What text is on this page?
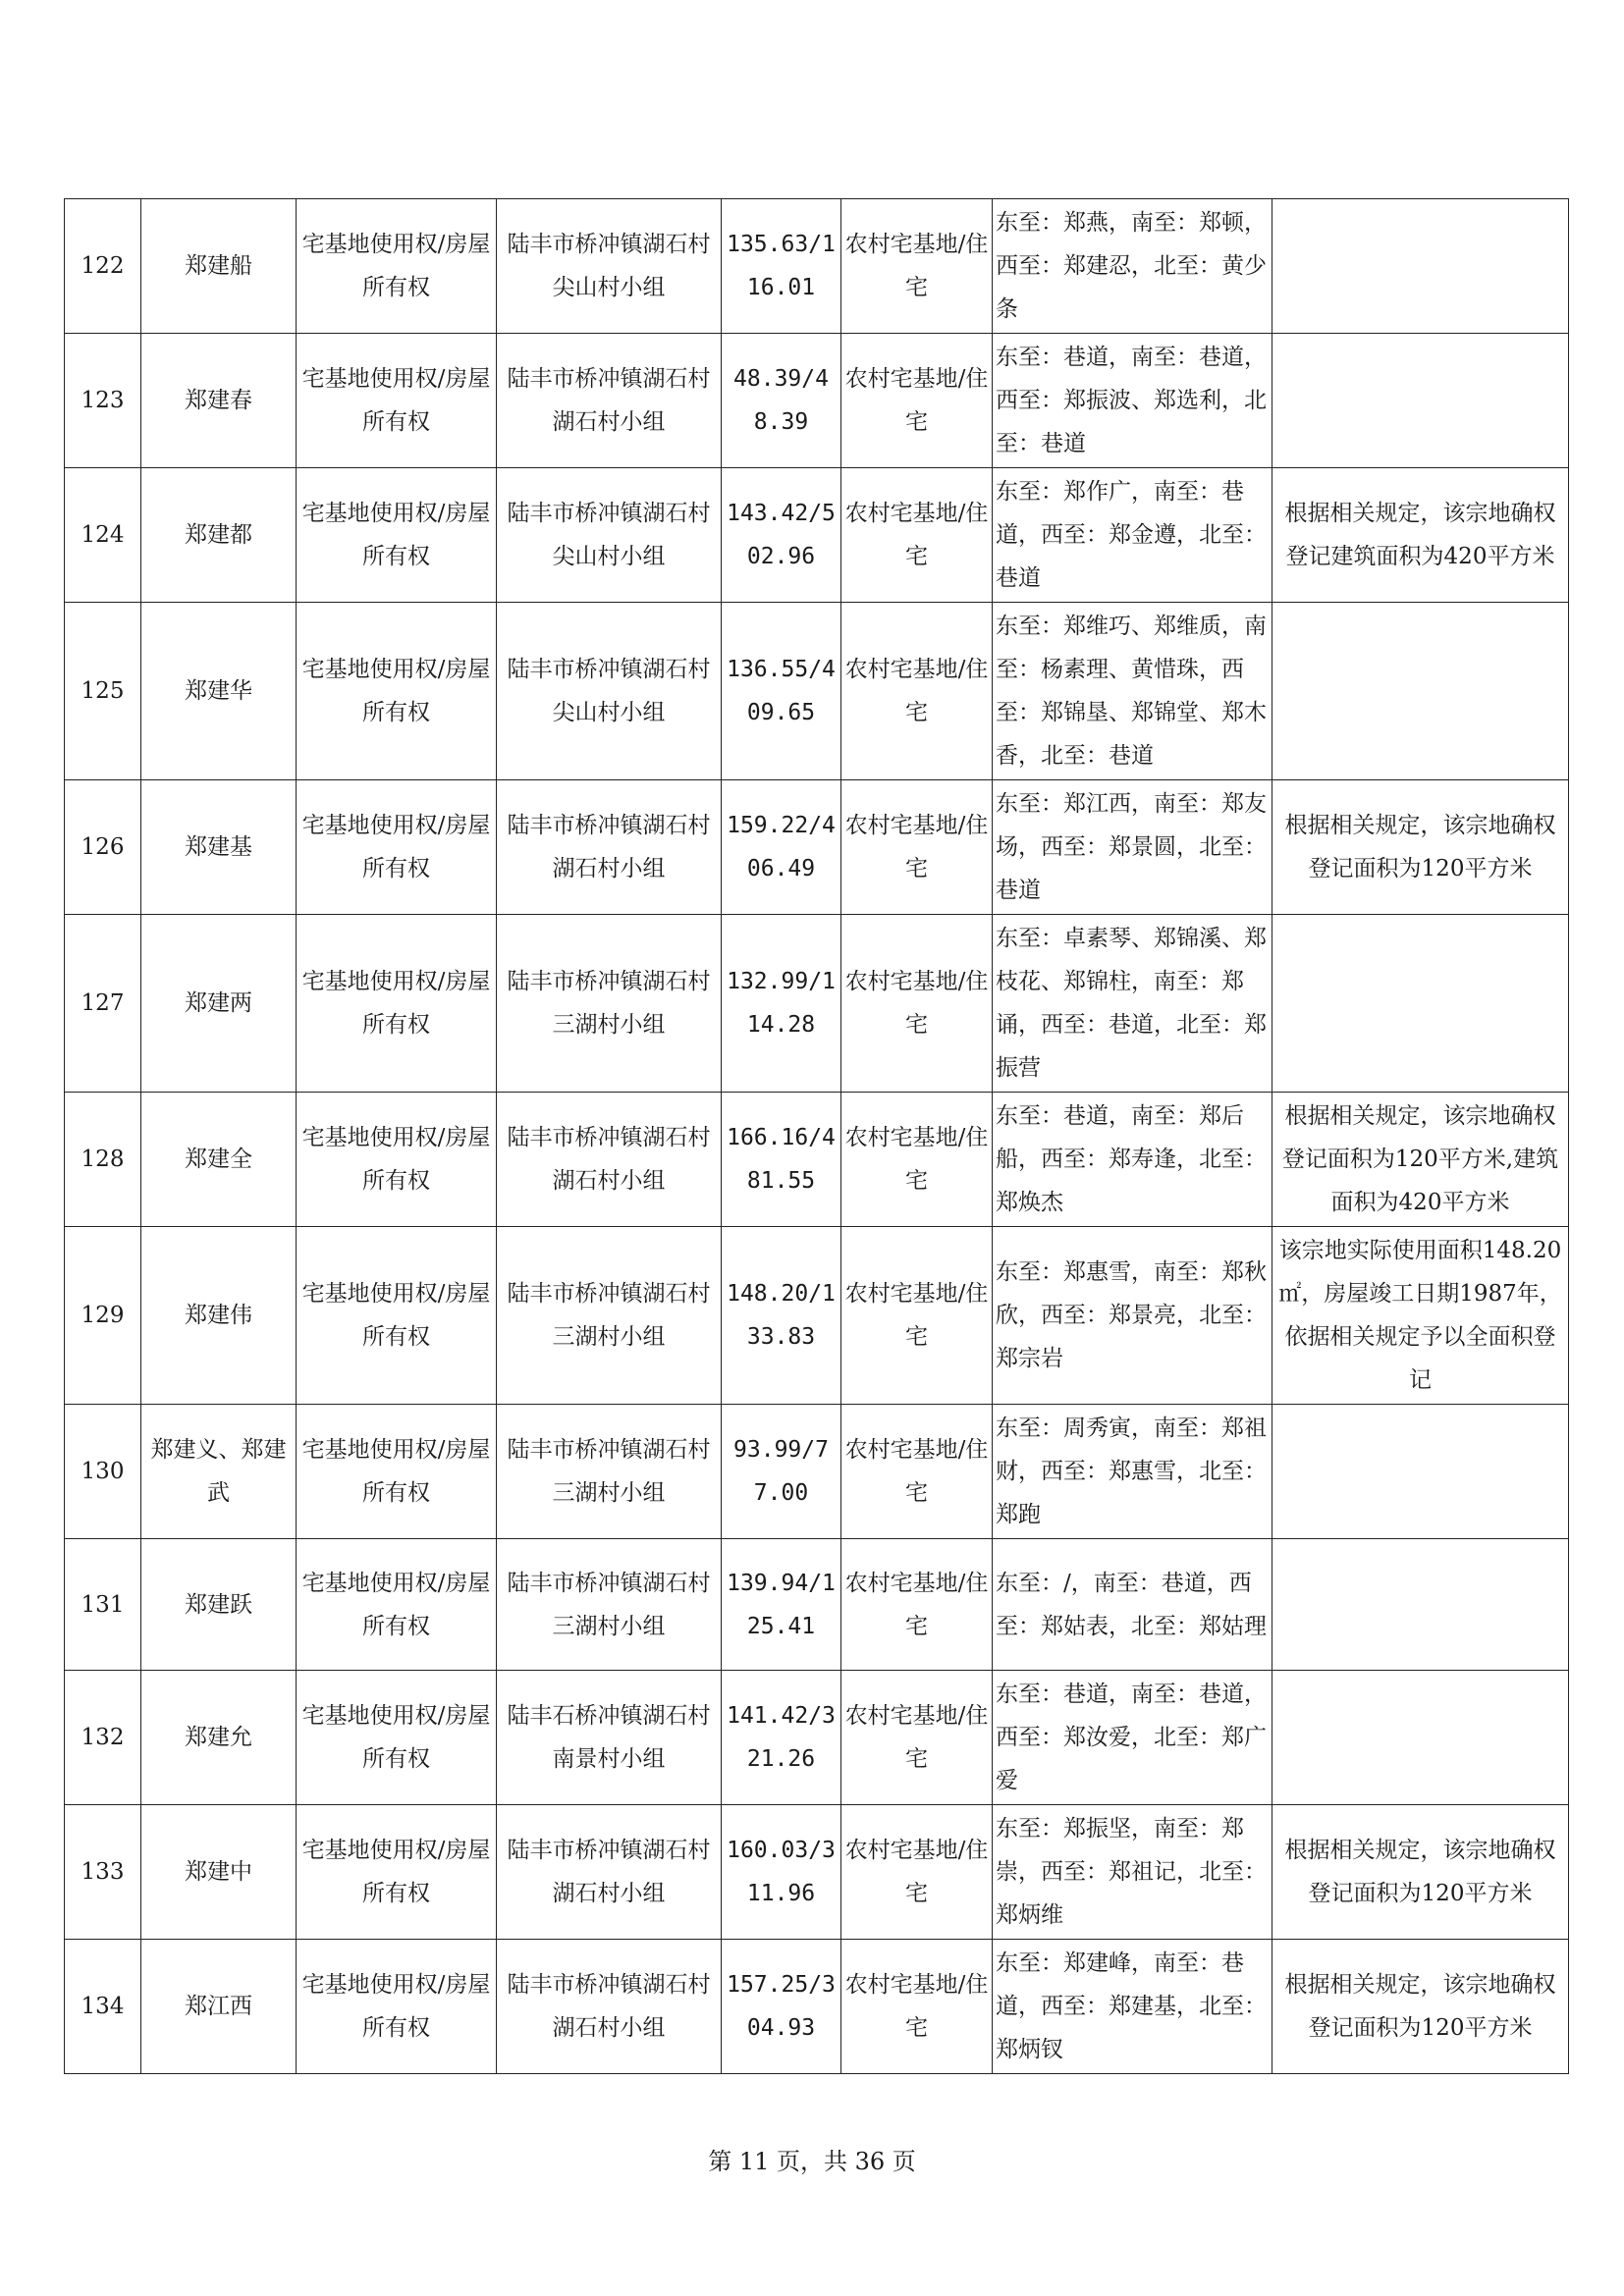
122	郑建船	宅基地使用权/房屋所有权	陆丰市桥冲镇湖石村尖山村小组	135.63/116.01	农村宅基地/住宅	东至：郑燕，南至：郑顿，西至：郑建忍，北至：黄少条	
123	郑建春	宅基地使用权/房屋所有权	陆丰市桥冲镇湖石村湖石村小组	48.39/48.39	农村宅基地/住宅	东至：巷道，南至：巷道，西至：郑振波、郑选利，北至：巷道	
124	郑建都	宅基地使用权/房屋所有权	陆丰市桥冲镇湖石村尖山村小组	143.42/502.96	农村宅基地/住宅	东至：郑作广，南至：巷道，西至：郑金遵，北至：巷道	根据相关规定，该宗地确权登记建筑面积为420平方米
125	郑建华	宅基地使用权/房屋所有权	陆丰市桥冲镇湖石村尖山村小组	136.55/409.65	农村宅基地/住宅	东至：郑维巧、郑维质，南至：杨素理、黄惜珠，西至：郑锦垦、郑锦堂、郑木香，北至：巷道	
126	郑建基	宅基地使用权/房屋所有权	陆丰市桥冲镇湖石村湖石村小组	159.22/406.49	农村宅基地/住宅	东至：郑江西，南至：郑友场，西至：郑景圆，北至：巷道	根据相关规定，该宗地确权登记面积为120平方米
127	郑建两	宅基地使用权/房屋所有权	陆丰市桥冲镇湖石村三湖村小组	132.99/114.28	农村宅基地/住宅	东至：卓素琴、郑锦溪、郑枝花、郑锦柱，南至：郑诵，西至：巷道，北至：郑振营	
128	郑建全	宅基地使用权/房屋所有权	陆丰市桥冲镇湖石村湖石村小组	166.16/481.55	农村宅基地/住宅	东至：巷道，南至：郑后船，西至：郑寿逢，北至：郑焕杰	根据相关规定，该宗地确权登记面积为120平方米,建筑面积为420平方米
129	郑建伟	宅基地使用权/房屋所有权	陆丰市桥冲镇湖石村三湖村小组	148.20/133.83	农村宅基地/住宅	东至：郑惠雪，南至：郑秋欣，西至：郑景亮，北至：郑宗岩	该宗地实际使用面积148.20㎡，房屋竣工日期1987年，依据相关规定予以全面积登记
130	郑建义、郑建武	宅基地使用权/房屋所有权	陆丰市桥冲镇湖石村三湖村小组	93.99/77.00	农村宅基地/住宅	东至：周秀寅，南至：郑祖财，西至：郑惠雪，北至：郑跑	
131	郑建跃	宅基地使用权/房屋所有权	陆丰市桥冲镇湖石村三湖村小组	139.94/125.41	农村宅基地/住宅	东至：/，南至：巷道，西至：郑姑表，北至：郑姑理	
132	郑建允	宅基地使用权/房屋所有权	陆丰石桥冲镇湖石村南景村小组	141.42/321.26	农村宅基地/住宅	东至：巷道，南至：巷道，西至：郑汝爱，北至：郑广爱	
133	郑建中	宅基地使用权/房屋所有权	陆丰市桥冲镇湖石村湖石村小组	160.03/311.96	农村宅基地/住宅	东至：郑振坚，南至：郑崇，西至：郑祖记，北至：郑炳维	根据相关规定，该宗地确权登记面积为120平方米
134	郑江西	宅基地使用权/房屋所有权	陆丰市桥冲镇湖石村湖石村小组	157.25/304.93	农村宅基地/住宅	东至：郑建峰，南至：巷道，西至：郑建基，北至：郑炳钗	根据相关规定，该宗地确权登记面积为120平方米
第 11 页，共 36 页
